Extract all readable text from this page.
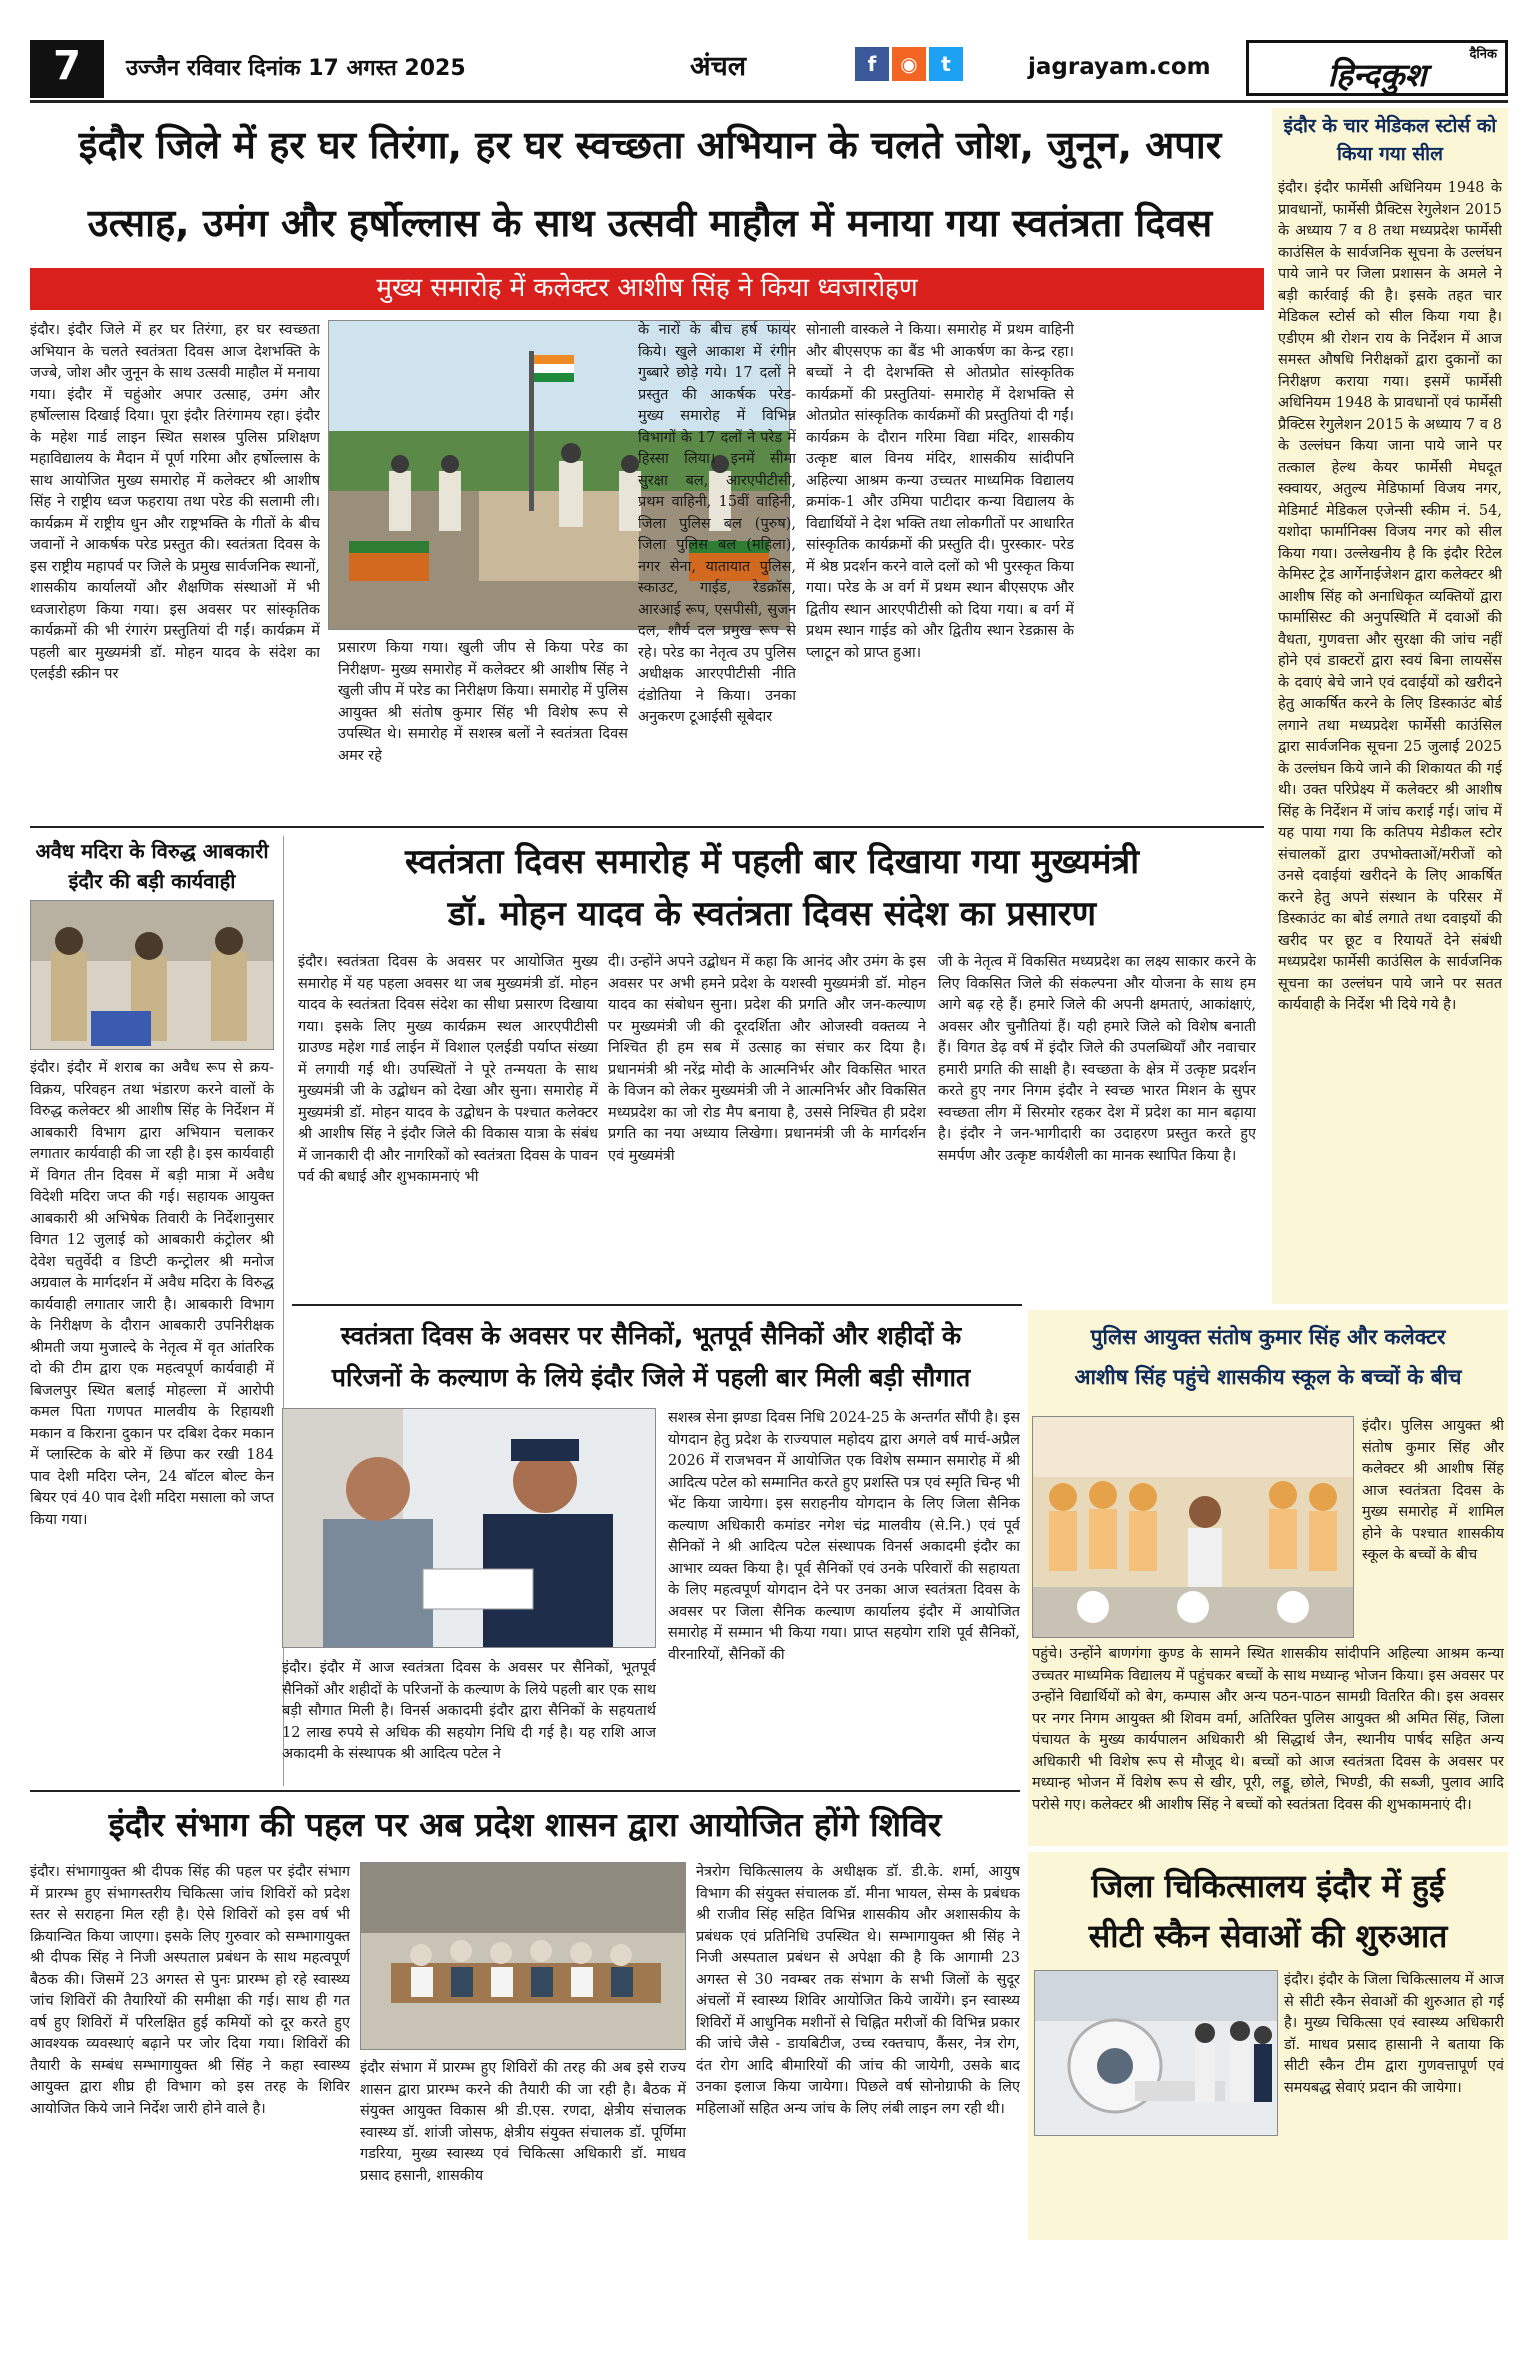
7	उज्जैन रविवार दिनांक 17 अगस्त 2025	अंचल	f ◉ t	jagrayam.com	दैनिक
हिन्दकुश
इंदौर जिले में हर घर तिरंगा, हर घर स्वच्छता अभियान के चलते जोश, जुनून, अपार
उत्साह, उमंग और हर्षोल्लास के साथ उत्सवी माहौल में मनाया गया स्वतंत्रता दिवस
मुख्य समारोह में कलेक्टर आशीष सिंह ने किया ध्वजारोहण
इंदौर। इंदौर जिले में हर घर तिरंगा, हर घर स्वच्छता अभियान के चलते स्वतंत्रता दिवस आज देशभक्ति के जज्बे, जोश और जुनून के साथ उत्सवी माहौल में मनाया गया। इंदौर में चहुंओर अपार उत्साह, उमंग और हर्षोल्लास दिखाई दिया। पूरा इंदौर तिरंगामय रहा। इंदौर के महेश गार्ड लाइन स्थित सशस्त्र पुलिस प्रशिक्षण महाविद्यालय के मैदान में पूर्ण गरिमा और हर्षोल्लास के साथ आयोजित मुख्य समारोह में कलेक्टर श्री आशीष सिंह ने राष्ट्रीय ध्वज फहराया तथा परेड की सलामी ली। कार्यक्रम में राष्ट्रीय धुन और राष्ट्रभक्ति के गीतों के बीच जवानों ने आकर्षक परेड प्रस्तुत की। स्वतंत्रता दिवस के इस राष्ट्रीय महापर्व पर जिले के प्रमुख सार्वजनिक स्थानों, शासकीय कार्यालयों और शैक्षणिक संस्थाओं में भी ध्वजारोहण किया गया। इस अवसर पर सांस्कृतिक कार्यक्रमों की भी रंगारंग प्रस्तुतियां दी गईं। कार्यक्रम में पहली बार मुख्यमंत्री डॉ. मोहन यादव के संदेश का एलईडी स्क्रीन पर
प्रसारण किया गया। खुली जीप से किया परेड का निरीक्षण- मुख्य समारोह में कलेक्टर श्री आशीष सिंह ने खुली जीप में परेड का निरीक्षण किया। समारोह में पुलिस आयुक्त श्री संतोष कुमार सिंह भी विशेष रूप से उपस्थित थे। समारोह में सशस्त्र बलों ने स्वतंत्रता दिवस अमर रहे
के नारों के बीच हर्ष फायर किये। खुले आकाश में रंगीन गुब्बारे छोड़े गये। 17 दलों ने प्रस्तुत की आकर्षक परेड- मुख्य समारोह में विभिन्न विभागों के 17 दलों ने परेड में हिस्सा लिया। इनमें सीमा सुरक्षा बल, आरएपीटीसी, प्रथम वाहिनी, 15वीं वाहिनी, जिला पुलिस बल (पुरुष), जिला पुलिस बल (महिला), नगर सेना, यातायात पुलिस, स्काउट, गाईड, रेडक्रॉस, आरआई रूप, एसपीसी, सुजन दल, शौर्य दल प्रमुख रूप से रहे। परेड का नेतृत्व उप पुलिस अधीक्षक आरएपीटीसी नीति दंडोतिया ने किया। उनका अनुकरण टूआईसी सूबेदार
सोनाली वास्कले ने किया। समारोह में प्रथम वाहिनी और बीएसएफ का बैंड भी आकर्षण का केन्द्र रहा। बच्चों ने दी देशभक्ति से ओतप्रोत सांस्कृतिक कार्यक्रमों की प्रस्तुतियां- समारोह में देशभक्ति से ओतप्रोत सांस्कृतिक कार्यक्रमों की प्रस्तुतियां दी गईं। कार्यक्रम के दौरान गरिमा विद्या मंदिर, शासकीय उत्कृष्ट बाल विनय मंदिर, शासकीय सांदीपनि अहिल्या आश्रम कन्या उच्चतर माध्यमिक विद्यालय क्रमांक-1 और उमिया पाटीदार कन्या विद्यालय के विद्यार्थियों ने देश भक्ति तथा लोकगीतों पर आधारित सांस्कृतिक कार्यक्रमों की प्रस्तुति दी। पुरस्कार- परेड में श्रेष्ठ प्रदर्शन करने वाले दलों को भी पुरस्कृत किया गया। परेड के अ वर्ग में प्रथम स्थान बीएसएफ और द्वितीय स्थान आरएपीटीसी को दिया गया। ब वर्ग में प्रथम स्थान गाईड को और द्वितीय स्थान रेडक्रास के प्लाटून को प्राप्त हुआ।
अवैध मदिरा के विरुद्ध आबकारी इंदौर की बड़ी कार्यवाही
इंदौर। इंदौर में शराब का अवैध रूप से क्रय-विक्रय, परिवहन तथा भंडारण करने वालों के विरुद्ध कलेक्टर श्री आशीष सिंह के निर्देशन में आबकारी विभाग द्वारा अभियान चलाकर लगातार कार्यवाही की जा रही है। इस कार्यवाही में विगत तीन दिवस में बड़ी मात्रा में अवैध विदेशी मदिरा जप्त की गई। सहायक आयुक्त आबकारी श्री अभिषेक तिवारी के निर्देशानुसार विगत 12 जुलाई को आबकारी कंट्रोलर श्री देवेश चतुर्वेदी व डिप्टी कन्ट्रोलर श्री मनोज अग्रवाल के मार्गदर्शन में अवैध मदिरा के विरुद्ध कार्यवाही लगातार जारी है। आबकारी विभाग के निरीक्षण के दौरान आबकारी उपनिरीक्षक श्रीमती जया मुजाल्दे के नेतृत्व में वृत आंतरिक दो की टीम द्वारा एक महत्वपूर्ण कार्यवाही में बिजलपुर स्थित बलाई मोहल्ला में आरोपी कमल पिता गणपत मालवीय के रिहायशी मकान व किराना दुकान पर दबिश देकर मकान में प्लास्टिक के बोरे में छिपा कर रखी 184 पाव देशी मदिरा प्लेन, 24 बॉटल बोल्ट केन बियर एवं 40 पाव देशी मदिरा मसाला को जप्त किया गया।
स्वतंत्रता दिवस समारोह में पहली बार दिखाया गया मुख्यमंत्री
डॉ. मोहन यादव के स्वतंत्रता दिवस संदेश का प्रसारण
इंदौर। स्वतंत्रता दिवस के अवसर पर आयोजित मुख्य समारोह में यह पहला अवसर था जब मुख्यमंत्री डॉ. मोहन यादव के स्वतंत्रता दिवस संदेश का सीधा प्रसारण दिखाया गया। इसके लिए मुख्य कार्यक्रम स्थल आरएपीटीसी ग्राउण्ड महेश गार्ड लाईन में विशाल एलईडी पर्याप्त संख्या में लगायी गई थी। उपस्थितों ने पूरे तन्मयता के साथ मुख्यमंत्री जी के उद्बोधन को देखा और सुना। समारोह में मुख्यमंत्री डॉ. मोहन यादव के उद्बोधन के पश्चात कलेक्टर श्री आशीष सिंह ने इंदौर जिले की विकास यात्रा के संबंध में जानकारी दी और नागरिकों को स्वतंत्रता दिवस के पावन पर्व की बधाई और शुभकामनाएं भी
दी। उन्होंने अपने उद्बोधन में कहा कि आनंद और उमंग के इस अवसर पर अभी हमने प्रदेश के यशस्वी मुख्यमंत्री डॉ. मोहन यादव का संबोधन सुना। प्रदेश की प्रगति और जन-कल्याण पर मुख्यमंत्री जी की दूरदर्शिता और ओजस्वी वक्तव्य ने निश्चित ही हम सब में उत्साह का संचार कर दिया है। प्रधानमंत्री श्री नरेंद्र मोदी के आत्मनिर्भर और विकसित भारत के विजन को लेकर मुख्यमंत्री जी ने आत्मनिर्भर और विकसित मध्यप्रदेश का जो रोड मैप बनाया है, उससे निश्चित ही प्रदेश प्रगति का नया अध्याय लिखेगा। प्रधानमंत्री जी के मार्गदर्शन एवं मुख्यमंत्री
जी के नेतृत्व में विकसित मध्यप्रदेश का लक्ष्य साकार करने के लिए विकसित जिले की संकल्पना और योजना के साथ हम आगे बढ़ रहे हैं। हमारे जिले की अपनी क्षमताएं, आकांक्षाएं, अवसर और चुनौतियां हैं। यही हमारे जिले को विशेष बनाती हैं। विगत डेढ़ वर्ष में इंदौर जिले की उपलब्धियाँ और नवाचार हमारी प्रगति की साक्षी है। स्वच्छता के क्षेत्र में उत्कृष्ट प्रदर्शन करते हुए नगर निगम इंदौर ने स्वच्छ भारत मिशन के सुपर स्वच्छता लीग में सिरमोर रहकर देश में प्रदेश का मान बढ़ाया है। इंदौर ने जन-भागीदारी का उदाहरण प्रस्तुत करते हुए समर्पण और उत्कृष्ट कार्यशैली का मानक स्थापित किया है।
स्वतंत्रता दिवस के अवसर पर सैनिकों, भूतपूर्व सैनिकों और शहीदों के
परिजनों के कल्याण के लिये इंदौर जिले में पहली बार मिली बड़ी सौगात
इंदौर। इंदौर में आज स्वतंत्रता दिवस के अवसर पर सैनिकों, भूतपूर्व सैनिकों और शहीदों के परिजनों के कल्याण के लिये पहली बार एक साथ बड़ी सौगात मिली है। विनर्स अकादमी इंदौर द्वारा सैनिकों के सहयतार्थ 12 लाख रुपये से अधिक की सहयोग निधि दी गई है। यह राशि आज अकादमी के संस्थापक श्री आदित्य पटेल ने
सशस्त्र सेना झण्डा दिवस निधि 2024-25 के अन्तर्गत सौंपी है। इस योगदान हेतु प्रदेश के राज्यपाल महोदय द्वारा अगले वर्ष मार्च-अप्रैल 2026 में राजभवन में आयोजित एक विशेष सम्मान समारोह में श्री आदित्य पटेल को सम्मानित करते हुए प्रशस्ति पत्र एवं स्मृति चिन्ह भी भेंट किया जायेगा। इस सराहनीय योगदान के लिए जिला सैनिक कल्याण अधिकारी कमांडर नगेश चंद्र मालवीय (से.नि.) एवं पूर्व सैनिकों ने श्री आदित्य पटेल संस्थापक विनर्स अकादमी इंदौर का आभार व्यक्त किया है। पूर्व सैनिकों एवं उनके परिवारों की सहायता के लिए महत्वपूर्ण योगदान देने पर उनका आज स्वतंत्रता दिवस के अवसर पर जिला सैनिक कल्याण कार्यालय इंदौर में आयोजित समारोह में सम्मान भी किया गया। प्राप्त सहयोग राशि पूर्व सैनिकों, वीरनारियों, सैनिकों की
इंदौर संभाग की पहल पर अब प्रदेश शासन द्वारा आयोजित होंगे शिविर
इंदौर। संभागायुक्त श्री दीपक सिंह की पहल पर इंदौर संभाग में प्रारम्भ हुए संभागस्तरीय चिकित्सा जांच शिविरों को प्रदेश स्तर से सराहना मिल रही है। ऐसे शिविरों को इस वर्ष भी क्रियान्वित किया जाएगा। इसके लिए गुरुवार को सम्भागायुक्त श्री दीपक सिंह ने निजी अस्पताल प्रबंधन के साथ महत्वपूर्ण बैठक की। जिसमें 23 अगस्त से पुनः प्रारम्भ हो रहे स्वास्थ्य जांच शिविरों की तैयारियों की समीक्षा की गई। साथ ही गत वर्ष हुए शिविरों में परिलक्षित हुई कमियों को दूर करते हुए आवश्यक व्यवस्थाएं बढ़ाने पर जोर दिया गया। शिविरों की तैयारी के सम्बंध सम्भागायुक्त श्री सिंह ने कहा स्वास्थ्य आयुक्त द्वारा शीघ्र ही विभाग को इस तरह के शिविर आयोजित किये जाने निर्देश जारी होने वाले है।
इंदौर संभाग में प्रारम्भ हुए शिविरों की तरह की अब इसे राज्य शासन द्वारा प्रारम्भ करने की तैयारी की जा रही है। बैठक में संयुक्त आयुक्त विकास श्री डी.एस. रणदा, क्षेत्रीय संचालक स्वास्थ्य डॉ. शांजी जोसफ, क्षेत्रीय संयुक्त संचालक डॉ. पूर्णिमा गडरिया, मुख्य स्वास्थ्य एवं चिकित्सा अधिकारी डॉ. माधव प्रसाद हसानी, शासकीय
नेत्ररोग चिकित्सालय के अधीक्षक डॉ. डी.के. शर्मा, आयुष विभाग की संयुक्त संचालक डॉ. मीना भायल, सेम्स के प्रबंधक श्री राजीव सिंह सहित विभिन्न शासकीय और अशासकीय के प्रबंधक एवं प्रतिनिधि उपस्थित थे। सम्भागायुक्त श्री सिंह ने निजी अस्पताल प्रबंधन से अपेक्षा की है कि आगामी 23 अगस्त से 30 नवम्बर तक संभाग के सभी जिलों के सुदूर अंचलों में स्वास्थ्य शिविर आयोजित किये जायेंगे। इन स्वास्थ्य शिविरों में आधुनिक मशीनों से चिह्नित मरीजों की विभिन्न प्रकार की जांचे जैसे - डायबिटीज, उच्च रक्तचाप, कैंसर, नेत्र रोग, दंत रोग आदि बीमारियों की जांच की जायेगी, उसके बाद उनका इलाज किया जायेगा। पिछले वर्ष सोनोग्राफी के लिए महिलाओं सहित अन्य जांच के लिए लंबी लाइन लग रही थी।
इंदौर के चार मेडिकल स्टोर्स को किया गया सील
इंदौर। इंदौर फार्मेसी अधिनियम 1948 के प्रावधानों, फार्मेसी प्रैक्टिस रेगुलेशन 2015 के अध्याय 7 व 8 तथा मध्यप्रदेश फार्मेसी काउंसिल के सार्वजनिक सूचना के उल्लंघन पाये जाने पर जिला प्रशासन के अमले ने बड़ी कार्रवाई की है। इसके तहत चार मेडिकल स्टोर्स को सील किया गया है। एडीएम श्री रोशन राय के निर्देशन में आज समस्त औषधि निरीक्षकों द्वारा दुकानों का निरीक्षण कराया गया। इसमें फार्मेसी अधिनियम 1948 के प्रावधानों एवं फार्मेसी प्रैक्टिस रेगुलेशन 2015 के अध्याय 7 व 8 के उल्लंघन किया जाना पाये जाने पर तत्काल हेल्थ केयर फार्मेसी मेघदूत स्क्वायर, अतुल्य मेडिफार्मा विजय नगर, मेडिमार्ट मेडिकल एजेन्सी स्कीम नं. 54, यशोदा फार्मानिक्स विजय नगर को सील किया गया। उल्लेखनीय है कि इंदौर रिटेल केमिस्ट ट्रेड आर्गेनाईजेशन द्वारा कलेक्टर श्री आशीष सिंह को अनाधिकृत व्यक्तियों द्वारा फार्मासिस्ट की अनुपस्थिति में दवाओं की वैधता, गुणवत्ता और सुरक्षा की जांच नहीं होने एवं डाक्टरों द्वारा स्वयं बिना लायसेंस के दवाएं बेचे जाने एवं दवाईयों को खरीदने हेतु आकर्षित करने के लिए डिस्काउंट बोर्ड लगाने तथा मध्यप्रदेश फार्मेसी काउंसिल द्वारा सार्वजनिक सूचना 25 जुलाई 2025 के उल्लंघन किये जाने की शिकायत की गई थी। उक्त परिप्रेक्ष्य में कलेक्टर श्री आशीष सिंह के निर्देशन में जांच कराई गई। जांच में यह पाया गया कि कतिपय मेडीकल स्टोर संचालकों द्वारा उपभोक्ताओं/मरीजों को उनसे दवाईयां खरीदने के लिए आकर्षित करने हेतु अपने संस्थान के परिसर में डिस्काउंट का बोर्ड लगाते तथा दवाइयों की खरीद पर छूट व रियायतें देने संबंधी मध्यप्रदेश फार्मेसी काउंसिल के सार्वजनिक सूचना का उल्लंघन पाये जाने पर सतत कार्यवाही के निर्देश भी दिये गये है।
पुलिस आयुक्त संतोष कुमार सिंह और कलेक्टर
आशीष सिंह पहुंचे शासकीय स्कूल के बच्चों के बीच
इंदौर। पुलिस आयुक्त श्री संतोष कुमार सिंह और कलेक्टर श्री आशीष सिंह आज स्वतंत्रता दिवस के मुख्य समारोह में शामिल होने के पश्चात शासकीय स्कूल के बच्चों के बीच
पहुंचे। उन्होंने बाणगंगा कुण्ड के सामने स्थित शासकीय सांदीपनि अहिल्या आश्रम कन्या उच्चतर माध्यमिक विद्यालय में पहुंचकर बच्चों के साथ मध्यान्ह भोजन किया। इस अवसर पर उन्होंने विद्यार्थियों को बेग, कम्पास और अन्य पठन-पाठन सामग्री वितरित की। इस अवसर पर नगर निगम आयुक्त श्री शिवम वर्मा, अतिरिक्त पुलिस आयुक्त श्री अमित सिंह, जिला पंचायत के मुख्य कार्यपालन अधिकारी श्री सिद्धार्थ जैन, स्थानीय पार्षद सहित अन्य अधिकारी भी विशेष रूप से मौजूद थे। बच्चों को आज स्वतंत्रता दिवस के अवसर पर मध्यान्ह भोजन में विशेष रूप से खीर, पूरी, लड्डू, छोले, भिण्डी, की सब्जी, पुलाव आदि परोसे गए। कलेक्टर श्री आशीष सिंह ने बच्चों को स्वतंत्रता दिवस की शुभकामनाएं दी।
जिला चिकित्सालय इंदौर में हुई
सीटी स्कैन सेवाओं की शुरुआत
इंदौर। इंदौर के जिला चिकित्सालय में आज से सीटी स्कैन सेवाओं की शुरुआत हो गई है। मुख्य चिकित्सा एवं स्वास्थ्य अधिकारी डॉ. माधव प्रसाद हासानी ने बताया कि सीटी स्कैन टीम द्वारा गुणवत्तापूर्ण एवं समयबद्ध सेवाएं प्रदान की जायेगा।
